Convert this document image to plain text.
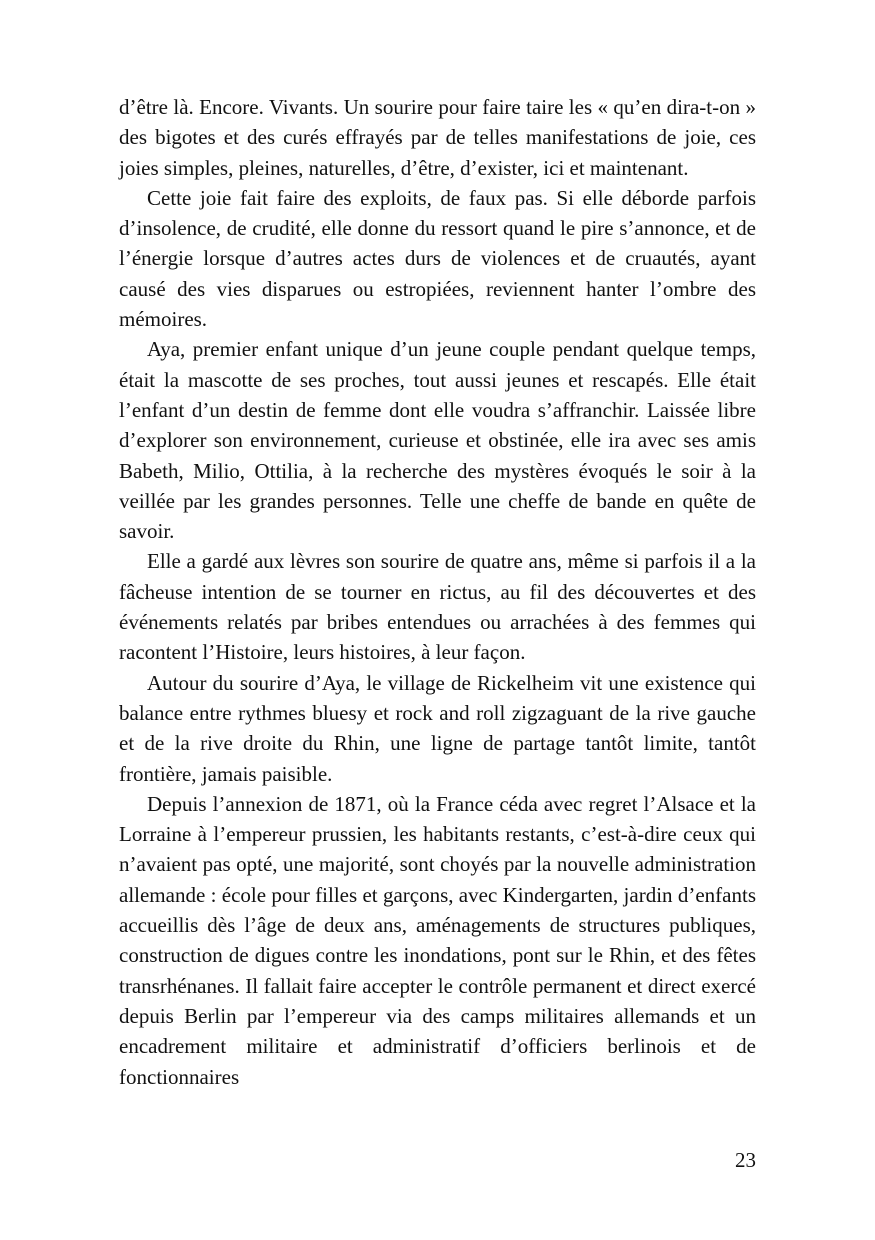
d’être là. Encore. Vivants. Un sourire pour faire taire les « qu’en dira-t-on » des bigotes et des curés effrayés par de telles manifestations de joie, ces joies simples, pleines, naturelles, d’être, d’exister, ici et maintenant.

Cette joie fait faire des exploits, de faux pas. Si elle déborde parfois d’insolence, de crudité, elle donne du ressort quand le pire s’annonce, et de l’énergie lorsque d’autres actes durs de violences et de cruautés, ayant causé des vies disparues ou estropiées, reviennent hanter l’ombre des mémoires.

Aya, premier enfant unique d’un jeune couple pendant quelque temps, était la mascotte de ses proches, tout aussi jeunes et rescapés. Elle était l’enfant d’un destin de femme dont elle voudra s’affranchir. Laissée libre d’explorer son environnement, curieuse et obstinée, elle ira avec ses amis Babeth, Milio, Ottilia, à la recherche des mystères évoqués le soir à la veillée par les grandes personnes. Telle une cheffe de bande en quête de savoir.

Elle a gardé aux lèvres son sourire de quatre ans, même si parfois il a la fâcheuse intention de se tourner en rictus, au fil des découvertes et des événements relatés par bribes entendues ou arrachées à des femmes qui racontent l’Histoire, leurs histoires, à leur façon.

Autour du sourire d’Aya, le village de Rickelheim vit une existence qui balance entre rythmes bluesy et rock and roll zigzaguant de la rive gauche et de la rive droite du Rhin, une ligne de partage tantôt limite, tantôt frontière, jamais paisible.

Depuis l’annexion de 1871, où la France céda avec regret l’Alsace et la Lorraine à l’empereur prussien, les habitants restants, c’est-à-dire ceux qui n’avaient pas opté, une majorité, sont choyés par la nouvelle administration allemande : école pour filles et garçons, avec Kindergarten, jardin d’enfants accueillis dès l’âge de deux ans, aménagements de structures publiques, construction de digues contre les inondations, pont sur le Rhin, et des fêtes transrhénanes. Il fallait faire accepter le contrôle permanent et direct exercé depuis Berlin par l’empereur via des camps militaires allemands et un encadrement militaire et administratif d’officiers berlinois et de fonctionnaires

23
